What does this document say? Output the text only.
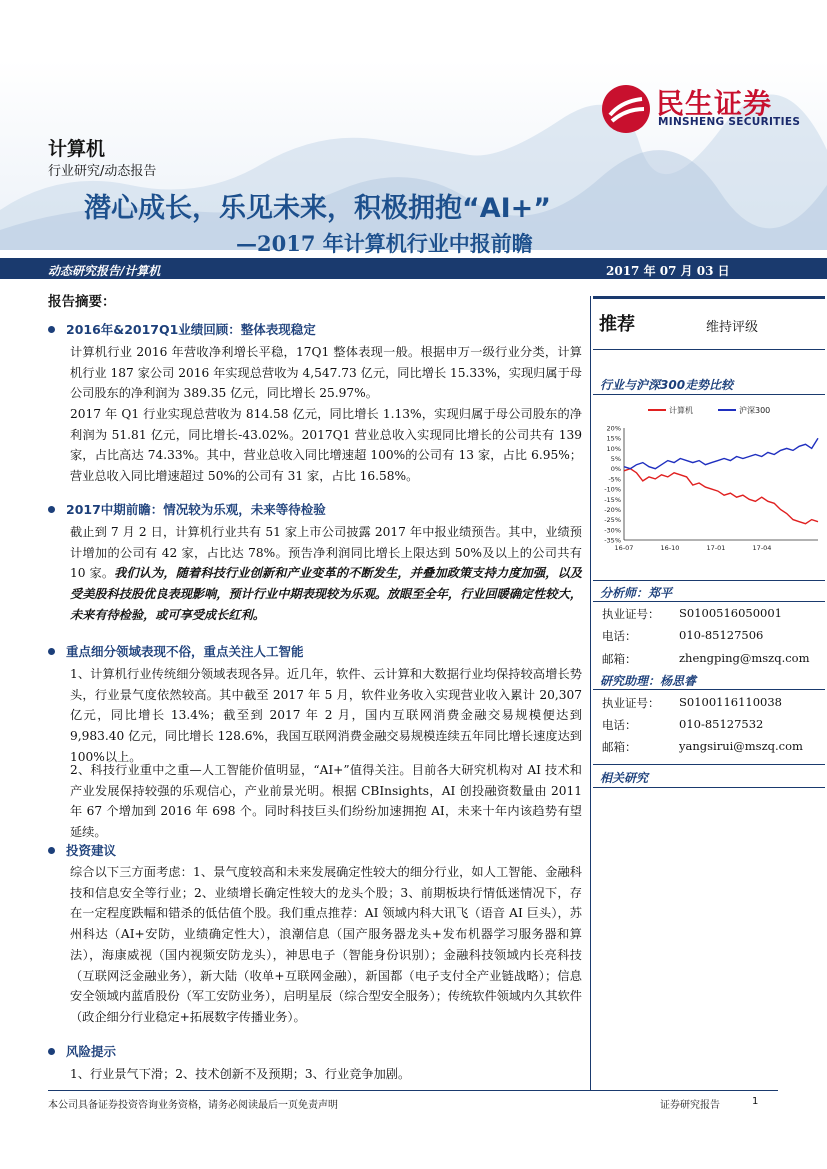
民生证券
MINSHENG SECURITIES
计算机
行业研究/动态报告
潜心成长，乐见未来，积极拥抱“AI+”
—2017 年计算机行业中报前瞻
动态研究报告/计算机	2017 年 07 月 03 日
报告摘要：
2016年&2017Q1业绩回顾：整体表现稳定
计算机行业 2016 年营收净利增长平稳，17Q1 整体表现一般。根据申万一级行业分类，计算机行业 187 家公司 2016 年实现总营收为 4,547.73 亿元，同比增长 15.33%，实现归属于母公司股东的净利润为 389.35 亿元，同比增长 25.97%。
2017 年 Q1 行业实现总营收为 814.58 亿元，同比增长 1.13%，实现归属于母公司股东的净利润为 51.81 亿元，同比增长-43.02%。2017Q1 营业总收入实现同比增长的公司共有 139 家，占比高达 74.33%。其中，营业总收入同比增速超 100%的公司有 13 家，占比 6.95%；营业总收入同比增速超过 50%的公司有 31 家，占比 16.58%。
2017中期前瞻：情况较为乐观，未来等待检验
截止到 7 月 2 日，计算机行业共有 51 家上市公司披露 2017 年中报业绩预告。其中，业绩预计增加的公司有 42 家，占比达 78%。预告净利润同比增长上限达到 50%及以上的公司共有 10 家。我们认为，随着科技行业创新和产业变革的不断发生，并叠加政策支持力度加强，以及受美股科技股优良表现影响，预计行业中期表现较为乐观。放眼至全年，行业回暖确定性较大，未来有待检验，或可享受成长红利。
重点细分领域表现不俗，重点关注人工智能
1、计算机行业传统细分领域表现各异。近几年，软件、云计算和大数据行业均保持较高增长势头，行业景气度依然较高。其中截至 2017 年 5 月，软件业务收入实现营业收入累计 20,307 亿元，同比增长 13.4%；截至到 2017 年 2 月，国内互联网消费金融交易规模便达到 9,983.40 亿元，同比增长 128.6%，我国互联网消费金融交易规模连续五年同比增长速度达到 100%以上。
2、科技行业重中之重—人工智能价值明显，“AI+”值得关注。目前各大研究机构对 AI 技术和产业发展保持较强的乐观信心，产业前景光明。根据 CBInsights，AI 创投融资数量由 2011 年 67 个增加到 2016 年 698 个。同时科技巨头们纷纷加速拥抱 AI，未来十年内该趋势有望延续。
投资建议
综合以下三方面考虑：1、景气度较高和未来发展确定性较大的细分行业，如人工智能、金融科技和信息安全等行业；2、业绩增长确定性较大的龙头个股；3、前期板块行情低迷情况下，存在一定程度跌幅和错杀的低估值个股。我们重点推荐：AI 领域内科大讯飞（语音 AI 巨头），苏州科达（AI+安防，业绩确定性大），浪潮信息（国产服务器龙头+发布机器学习服务器和算法），海康威视（国内视频安防龙头），神思电子（智能身份识别）；金融科技领域内长亮科技（互联网泛金融业务），新大陆（收单+互联网金融），新国都（电子支付全产业链战略）；信息安全领域内蓝盾股份（军工安防业务），启明星辰（综合型安全服务）；传统软件领域内久其软件（政企细分行业稳定+拓展数字传播业务）。
风险提示
1、行业景气下滑；2、技术创新不及预期；3、行业竞争加剧。
推荐	维持评级
行业与沪深300走势比较
20%
15%
10%
5%
0%
-5%
-10%
-15%
-20%
-25%
-30%
-35%
16-07	16-10	17-01	17-04
计算机	沪深300
分析师：郑平
执业证号： S0100516050001
电话：	010-85127506
邮箱：	zhengping@mszq.com
研究助理：杨思睿
执业证号： S0100116110038
电话：	010-85127532
邮箱：	yangsirui@mszq.com
相关研究
本公司具备证券投资咨询业务资格，请务必阅读最后一页免责声明	证券研究报告	1
